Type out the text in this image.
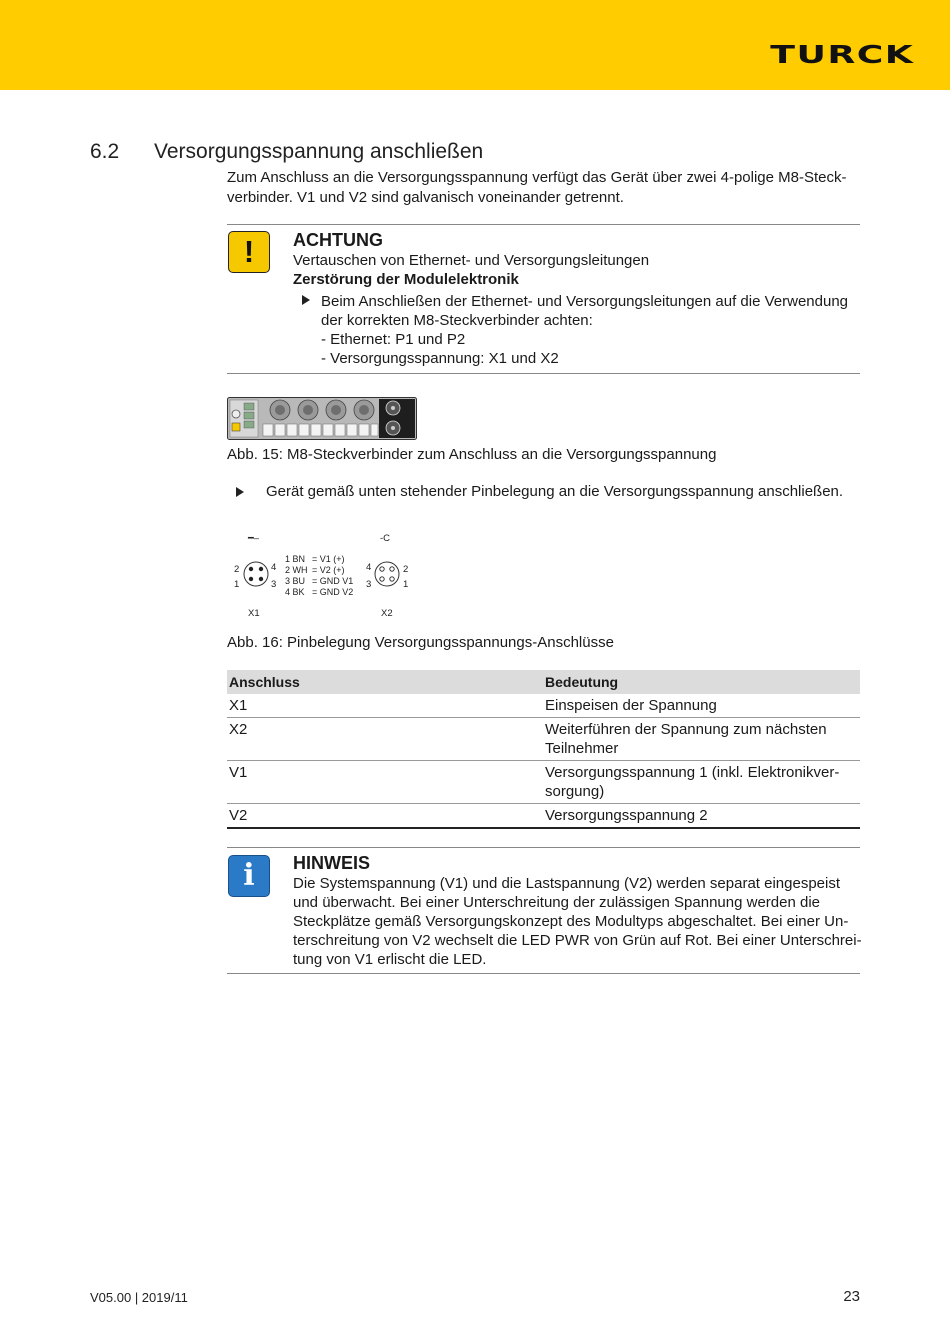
TURCK
6.2 Versorgungsspannung anschließen
Zum Anschluss an die Versorgungsspannung verfügt das Gerät über zwei 4-polige M8-Steck-
verbinder. V1 und V2 sind galvanisch voneinander getrennt.
!	ACHTUNG
Vertauschen von Ethernet- und Versorgungsleitungen
Zerstörung der Modulelektronik
Beim Anschließen der Ethernet- und Versorgungsleitungen auf die Verwendung
der korrekten M8-Steckverbinder achten:
- Ethernet: P1 und P2
- Versorgungsspannung: X1 und X2
Abb. 15: M8-Steckverbinder zum Anschluss an die Versorgungsspannung
Gerät gemäß unten stehender Pinbelegung an die Versorgungsspannung anschließen.
━–	-C
2	4
1	3
1 BN = V1 (+)
2 WH = V2 (+)
3 BU = GND V1
4 BK = GND V2
4	2
3	1
X1	X2
Abb. 16: Pinbelegung Versorgungsspannungs-Anschlüsse
Anschluss	Bedeutung
X1	Einspeisen der Spannung
X2	Weiterführen der Spannung zum nächsten Teilnehmer

V1	Versorgungsspannung 1 (inkl. Elektronikver-sorgung)

V2	Versorgungsspannung 2
i	HINWEIS
Die Systemspannung (V1) und die Lastspannung (V2) werden separat eingespeist
und überwacht. Bei einer Unterschreitung der zulässigen Spannung werden die
Steckplätze gemäß Versorgungskonzept des Modultyps abgeschaltet. Bei einer Un-
terschreitung von V2 wechselt die LED PWR von Grün auf Rot. Bei einer Unterschrei-
tung von V1 erlischt die LED.
V05.00 | 2019/11	23
